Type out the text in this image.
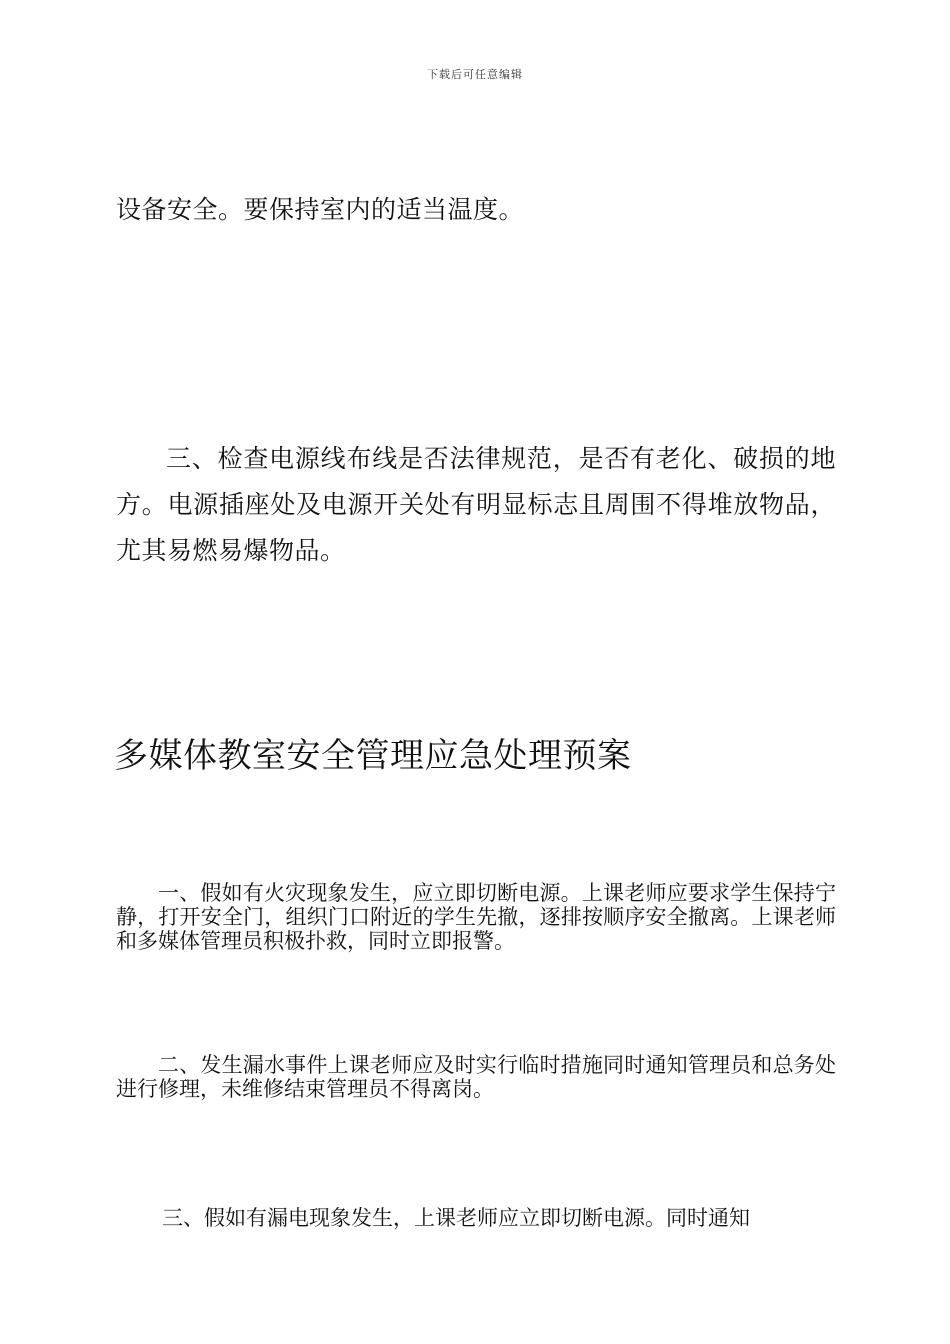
下载后可任意编辑

设备安全。要保持室内的适当温度。

三、检查电源线布线是否法律规范，是否有老化、破损的地方。电源插座处及电源开关处有明显标志且周围不得堆放物品，尤其易燃易爆物品。

多媒体教室安全管理应急处理预案

一、假如有火灾现象发生，应立即切断电源。上课老师应要求学生保持宁静，打开安全门，组织门口附近的学生先撤，逐排按顺序安全撤离。上课老师和多媒体管理员积极扑救，同时立即报警。

二、发生漏水事件上课老师应及时实行临时措施同时通知管理员和总务处进行修理，未维修结束管理员不得离岗。

三、假如有漏电现象发生，上课老师应立即切断电源。同时通知
